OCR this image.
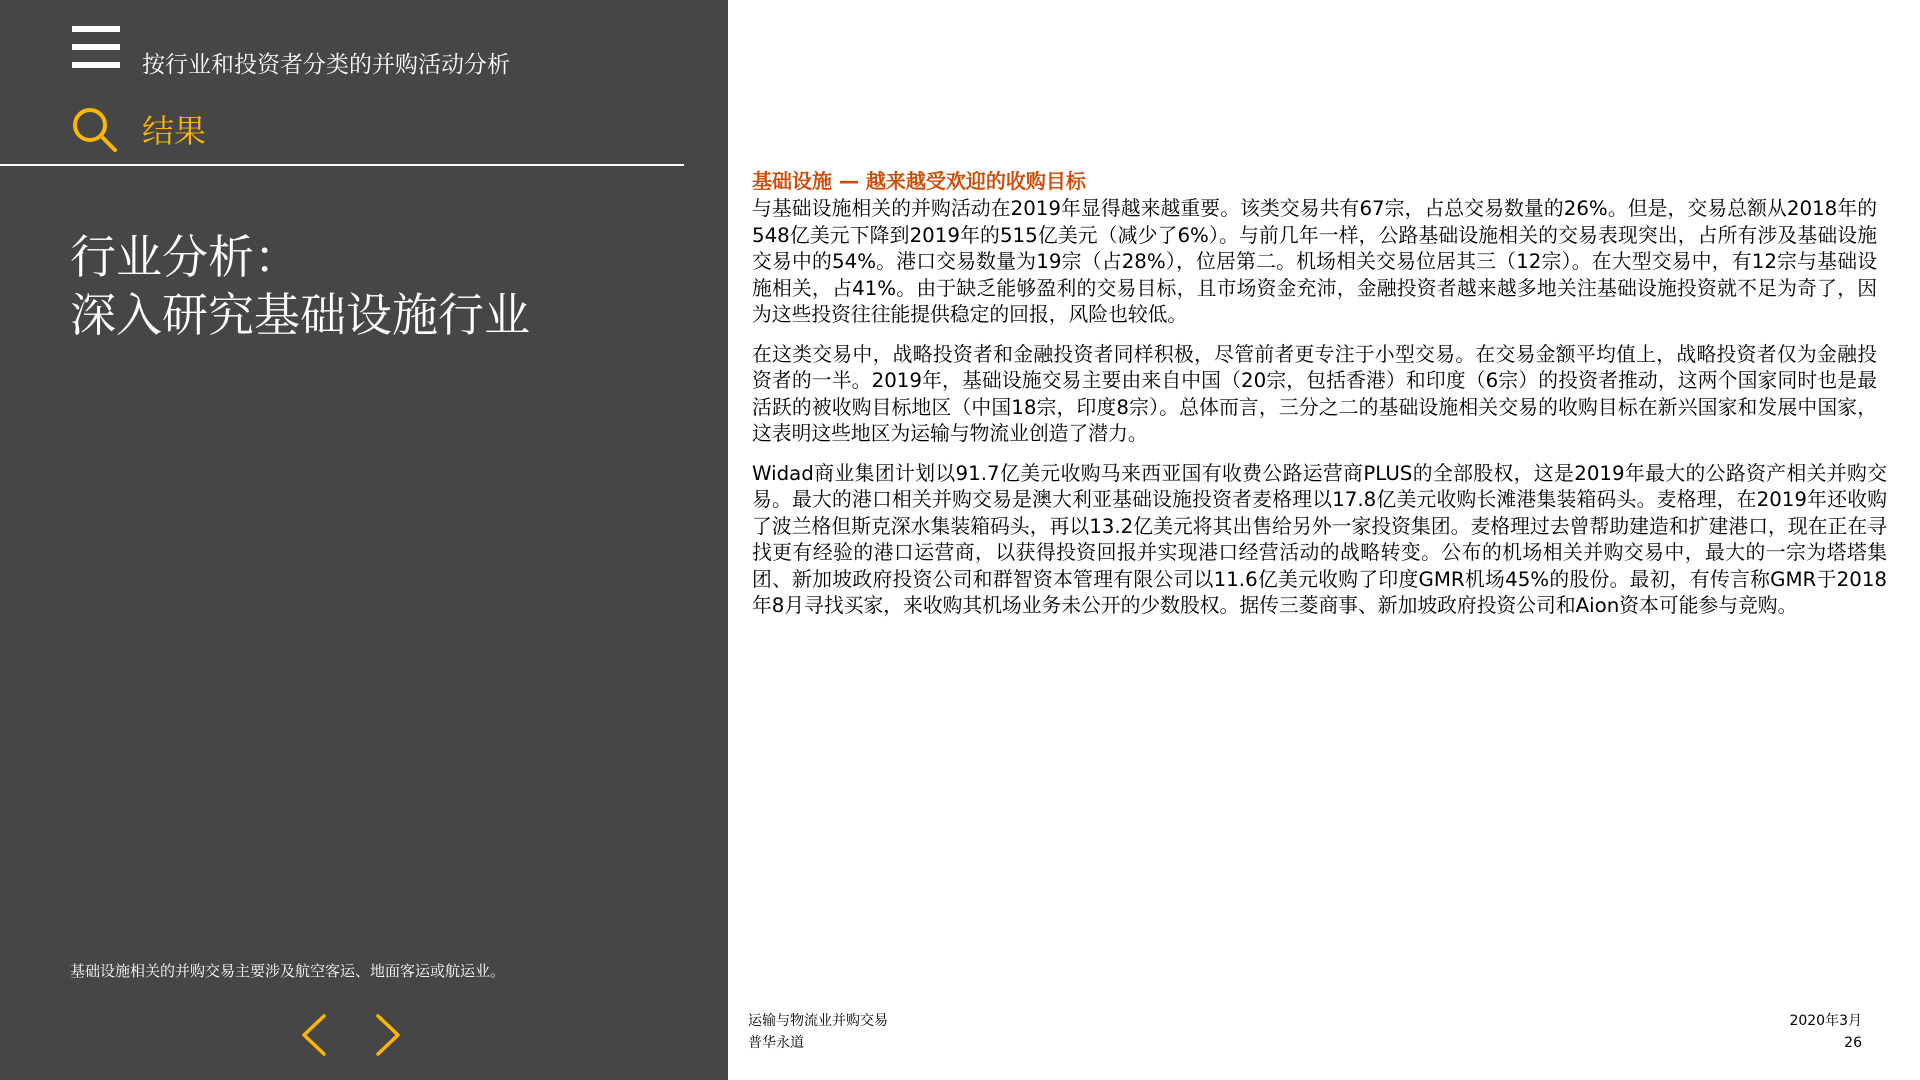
按行业和投资者分类的并购活动分析
结果
行业分析：
深入研究基础设施行业
基础设施相关的并购交易主要涉及航空客运、地面客运或航运业。
基础设施 — 越来越受欢迎的收购目标

与基础设施相关的并购活动在2019年显得越来越重要。该类交易共有67宗，占总交易数量的26%。但是，交易总额从2018年的548亿美元下降到2019年的515亿美元（减少了6%）。与前几年一样，公路基础设施相关的交易表现突出，占所有涉及基础设施交易中的54%。港口交易数量为19宗（占28%），位居第二。机场相关交易位居其三（12宗）。在大型交易中，有12宗与基础设施相关，占41%。由于缺乏能够盈利的交易目标，且市场资金充沛，金融投资者越来越多地关注基础设施投资就不足为奇了，因为这些投资往往能提供稳定的回报，风险也较低。

在这类交易中，战略投资者和金融投资者同样积极，尽管前者更专注于小型交易。在交易金额平均值上，战略投资者仅为金融投资者的一半。2019年，基础设施交易主要由来自中国（20宗，包括香港）和印度（6宗）的投资者推动，这两个国家同时也是最活跃的被收购目标地区（中国18宗，印度8宗）。总体而言，三分之二的基础设施相关交易的收购目标在新兴国家和发展中国家，这表明这些地区为运输与物流业创造了潜力。

Widad商业集团计划以91.7亿美元收购马来西亚国有收费公路运营商PLUS的全部股权，这是2019年最大的公路资产相关并购交易。最大的港口相关并购交易是澳大利亚基础设施投资者麦格理以17.8亿美元收购长滩港集装箱码头。麦格理，在2019年还收购了波兰格但斯克深水集装箱码头，再以13.2亿美元将其出售给另外一家投资集团。麦格理过去曾帮助建造和扩建港口，现在正在寻找更有经验的港口运营商，以获得投资回报并实现港口经营活动的战略转变。公布的机场相关并购交易中，最大的一宗为塔塔集团、新加坡政府投资公司和群智资本管理有限公司以11.6亿美元收购了印度GMR机场45%的股份。最初，有传言称GMR于2018年8月寻找买家，来收购其机场业务未公开的少数股权。据传三菱商事、新加坡政府投资公司和Aion资本可能参与竞购。

运输与物流业并购交易
普华永道
2020年3月
26
